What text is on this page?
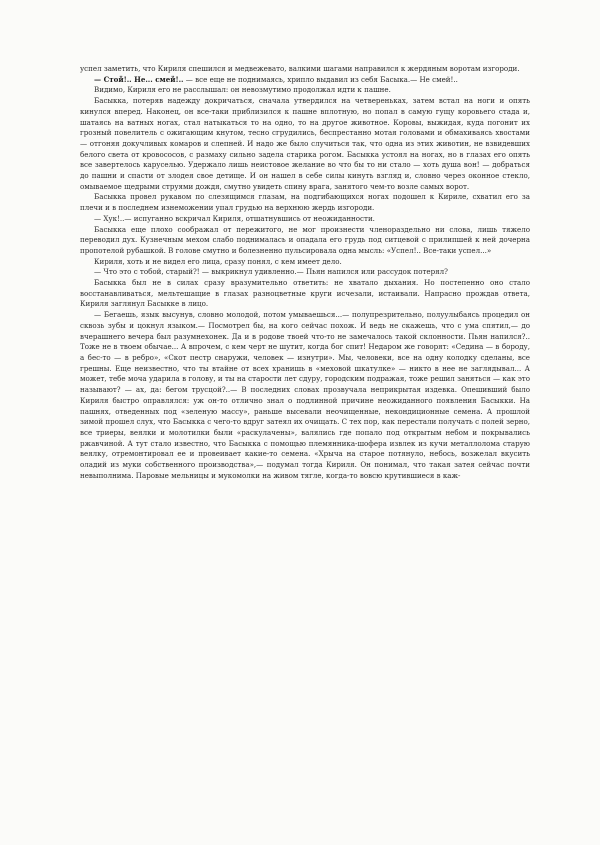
успел заметить, что Кириля спешился и медвежевато, валкими шагами направился к жердяным воротам изгороди.

— Стой!.. Не... смей!.. — все еще не поднимаясь, хрипло выдавил из себя Басыка.— Не смей!..

Видимо, Кириля его не расслышал: он невозмутимо продолжал идти к пашне.

Басыкка, потеряв надежду докричаться, сначала утвердился на четвереньках, затем встал на ноги и опять кинулся вперед. Наконец, он все-таки приблизился к пашне вплотную, но попал в самую гущу коровьего стада и, шатаясь на ватных ногах, стал натыкаться то на одно, то на другое животное. Коровы, выжидая, куда погонит их грозный повелитель с ожигающим кнутом, тесно сгрудились, беспрестанно мотая головами и обмахиваясь хвостами — отгоняя докучливых комаров и слепней. И надо же было случиться так, что одна из этих животин, не взвидевших белого света от кровососов, с размаху сильно задела старика рогом. Басыкка устоял на ногах, но в глазах его опять все завертелось каруселью. Удержало лишь неистовое желание во что бы то ни стало — хоть душа вон! — добраться до пашни и спасти от злодея свое детище. И он нашел в себе силы кинуть взгляд и, словно через оконное стекло, омываемое щедрыми струями дождя, смутно увидеть спину врага, занятого чем-то возле самых ворот.

Басыкка провел рукавом по слезящимся глазам, на подгибающихся ногах подошел к Кириле, схватил его за плечи и в последнем изнеможении упал грудью на верхнюю жердь изгороди.

— Хук!..— испуганно вскричал Кириля, отшатнувшись от неожиданности.

Басыкка еще плохо соображал от пережитого, не мог произнести членораздельно ни слова, лишь тяжело переводил дух. Кузнечным мехом слабо поднималась и опадала его грудь под ситцевой с прилипшей к ней дочерна пропотелой рубашкой. В голове смутно и болезненно пульсировала одна мысль: «Успел!.. Все-таки успел...»

Кириля, хоть и не видел его лица, сразу понял, с кем имеет дело.

— Что это с тобой, старый?! — выкрикнул удивленно.— Пьян напился или рассудок потерял?

Басыкка был не в силах сразу вразумительно ответить: не хватало дыхания. Но постепенно оно стало восстанавливаться, мельтешащие в глазах разноцветные круги исчезали, истаивали. Напрасно прождав ответа, Кириля заглянул Басыкке в лицо.

— Бегаешь, язык высунув, словно молодой, потом умываешься...— полупрезрительно, полуулыбаясь процедил он сквозь зубы и цокнул языком.— Посмотрел бы, на кого сейчас похож. И ведь не скажешь, что с ума спятил,— до вчерашнего вечера был разумнехонек. Да и в родове твоей что-то не замечалось такой склонности. Пьян напился?.. Тоже не в твоем обычае... А впрочем, с кем черт не шутит, когда бог спит! Недаром же говорят: «Седина — в бороду, а бес-то — в ребро», «Скот пестр снаружи, человек — изнутри». Мы, человеки, все на одну колодку сделаны, все грешны. Еще неизвестно, что ты втайне от всех хранишь в «меховой шкатулке» — никто в нее не заглядывал... А может, тебе моча ударила в голову, и ты на старости лет сдуру, городским подражая, тоже решил заняться — как это называют? — ах, да: бегом трусцой?..— В последних словах прозвучала неприкрытая издевка. Опешивший было Кириля быстро оправлялся: уж он-то отлично знал о подлинной причине неожиданного появления Басыкки. На пашнях, отведенных под «зеленую массу», раньше высевали неочищенные, некондиционные семена. А прошлой зимой прошел слух, что Басыкка с чего-то вдруг затеял их очищать. С тех пор, как перестали получать с полей зерно, все триеры, веялки и молотилки были «раскулачены», валялись где попало под открытым небом и покрывались ржавчиной. А тут стало известно, что Басыкка с помощью племянника-шофера извлек из кучи металлолома старую веялку, отремонтировал ее и провеивает какие-то семена. «Хрыча на старое потянуло, небось, возжелал вкусить оладий из муки собственного производства»,— подумал тогда Кириля. Он понимал, что такая затея сейчас почти невыполнима. Паровые мельницы и мукомолки на живом тягле, когда-то вовсю крутившиеся в каж-
